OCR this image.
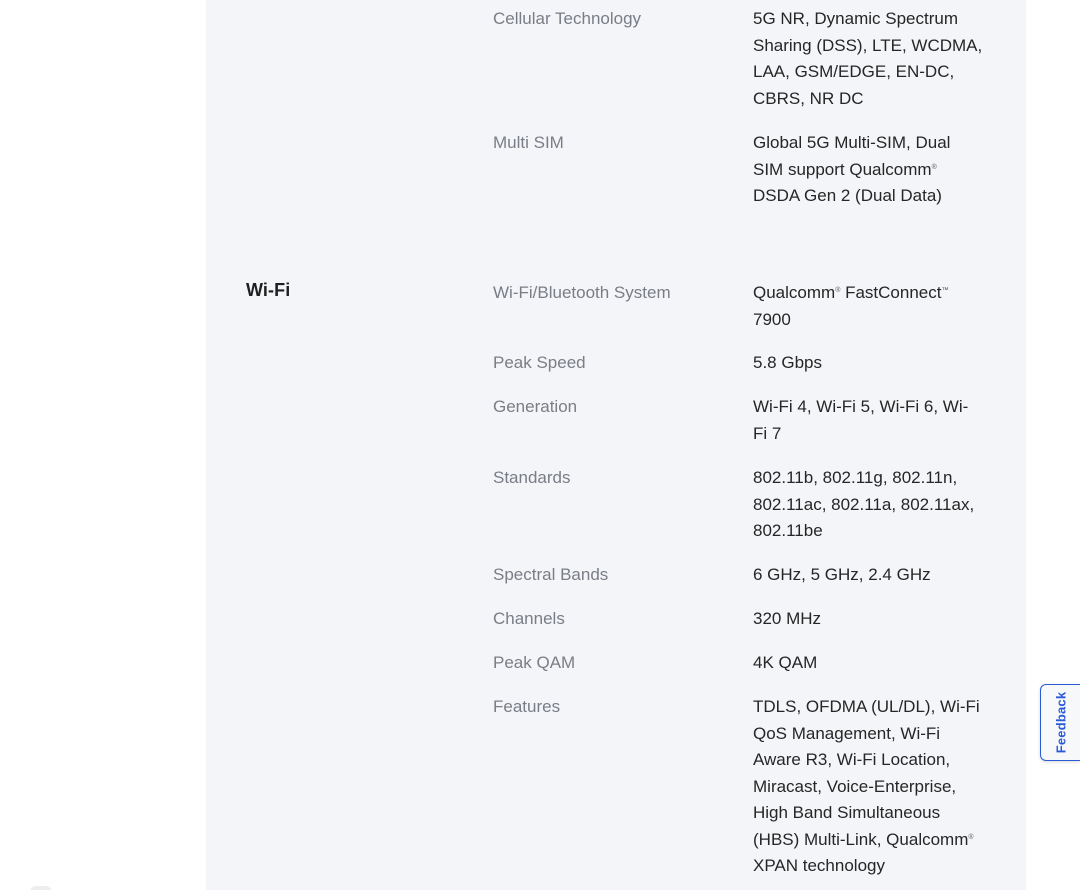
Cellular Technology	5G NR, Dynamic Spectrum
Sharing (DSS), LTE, WCDMA,
LAA, GSM/EDGE, EN-DC,
CBRS, NR DC
Multi SIM	Global 5G Multi-SIM, Dual
SIM support Qualcomm®
DSDA Gen 2 (Dual Data)
Wi-Fi	Wi-Fi/Bluetooth System	Qualcomm® FastConnect™
7900
Peak Speed	5.8 Gbps
Generation	Wi-Fi 4, Wi-Fi 5, Wi-Fi 6, Wi-
Fi 7
Standards	802.11b, 802.11g, 802.11n,
802.11ac, 802.11a, 802.11ax,
802.11be
Spectral Bands	6 GHz, 5 GHz, 2.4 GHz
Channels	320 MHz
Peak QAM	4K QAM
Features	TDLS, OFDMA (UL/DL), Wi-Fi
QoS Management, Wi-Fi
Aware R3, Wi-Fi Location,
Miracast, Voice-Enterprise,
High Band Simultaneous
(HBS) Multi-Link, Qualcomm®
XPAN technology
Feedback
